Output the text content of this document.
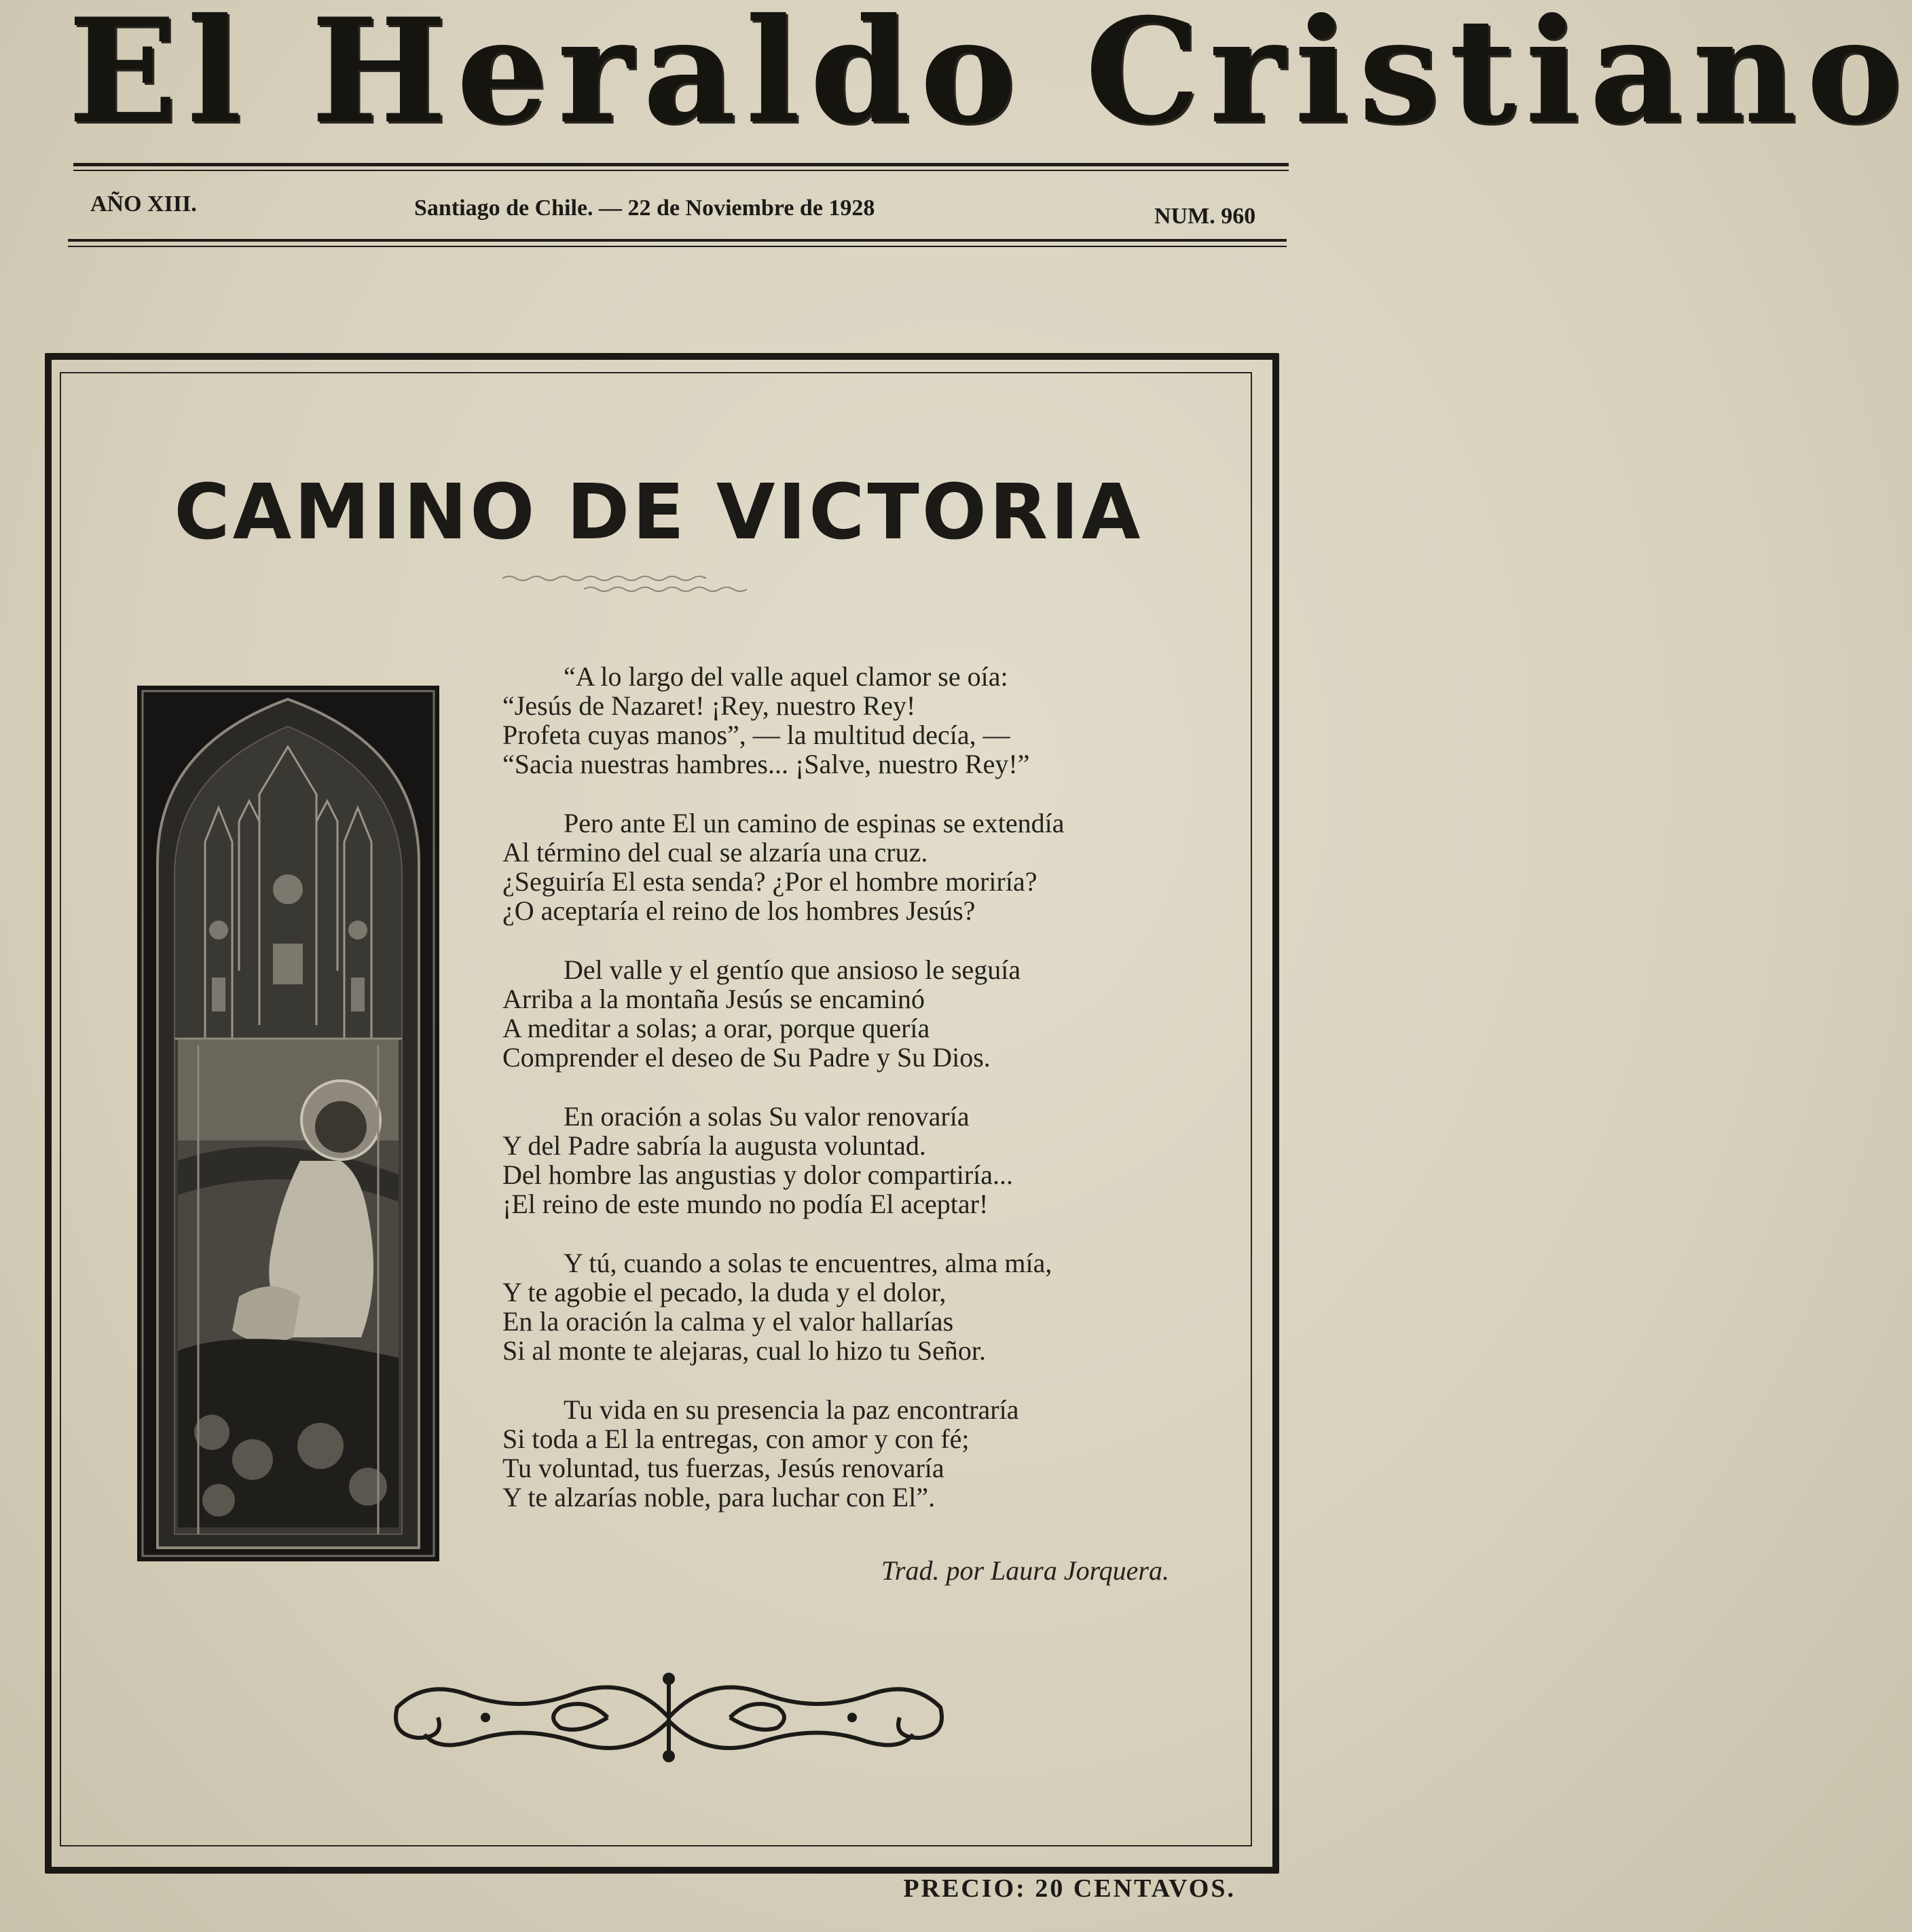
El Heraldo Cristiano
AÑO XIII.	Santiago de Chile. — 22 de Noviembre de 1928	NUM. 960
CAMINO DE VICTORIA
“A lo largo del valle aquel clamor se oía:
“Jesús de Nazaret! ¡Rey, nuestro Rey!
Profeta cuyas manos”, — la multitud decía, —
“Sacia nuestras hambres... ¡Salve, nuestro Rey!”
Pero ante El un camino de espinas se extendía
Al término del cual se alzaría una cruz.
¿Seguiría El esta senda? ¿Por el hombre moriría?
¿O aceptaría el reino de los hombres Jesús?
Del valle y el gentío que ansioso le seguía
Arriba a la montaña Jesús se encaminó
A meditar a solas; a orar, porque quería
Comprender el deseo de Su Padre y Su Dios.
En oración a solas Su valor renovaría
Y del Padre sabría la augusta voluntad.
Del hombre las angustias y dolor compartiría...
¡El reino de este mundo no podía El aceptar!
Y tú, cuando a solas te encuentres, alma mía,
Y te agobie el pecado, la duda y el dolor,
En la oración la calma y el valor hallarías
Si al monte te alejaras, cual lo hizo tu Señor.
Tu vida en su presencia la paz encontraría
Si toda a El la entregas, con amor y con fé;
Tu voluntad, tus fuerzas, Jesús renovaría
Y te alzarías noble, para luchar con El”.
Trad. por Laura Jorquera.
PRECIO: 20 CENTAVOS.
